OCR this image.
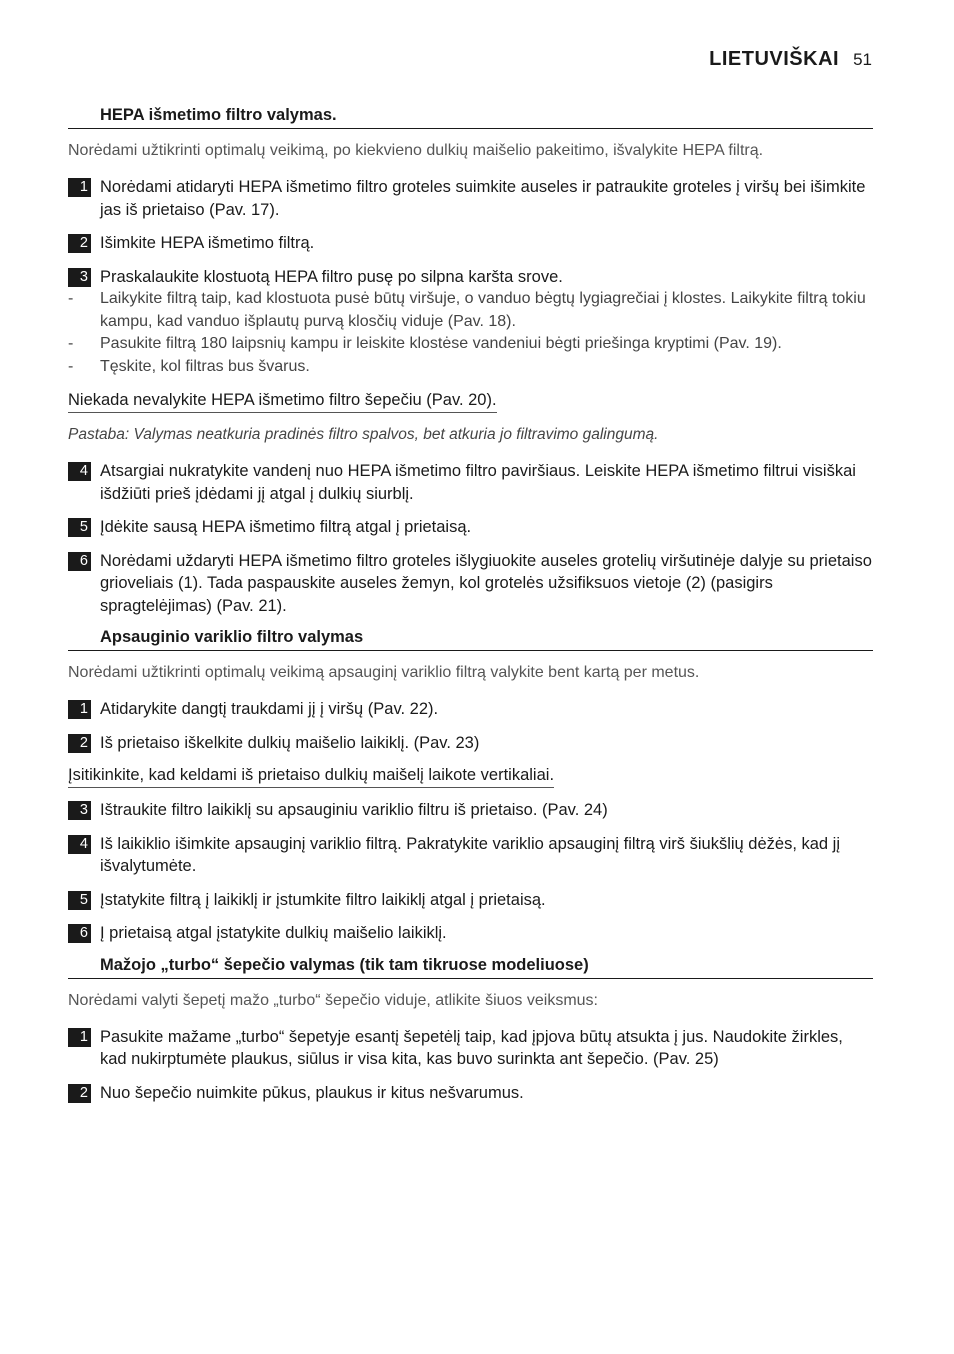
LIETUVIŠKAI 51
HEPA išmetimo filtro valymas.
Norėdami užtikrinti optimalų veikimą, po kiekvieno dulkių maišelio pakeitimo, išvalykite HEPA filtrą.
1 Norėdami atidaryti HEPA išmetimo filtro groteles suimkite auseles ir patraukite groteles į viršų bei išimkite jas iš prietaiso (Pav. 17).
2 Išimkite HEPA išmetimo filtrą.
3 Praskalaukite klostuotą HEPA filtro pusę po silpna karšta srove.
-	Laikykite filtrą taip, kad klostuota pusė būtų viršuje, o vanduo bėgtų lygiagrečiai į klostes. Laikykite filtrą tokiu kampu, kad vanduo išplautų purvą klosčių viduje (Pav. 18).
-	Pasukite filtrą 180 laipsnių kampu ir leiskite klostėse vandeniui bėgti priešinga kryptimi (Pav. 19).
-	Tęskite, kol filtras bus švarus.
Niekada nevalykite HEPA išmetimo filtro šepečiu (Pav. 20).
Pastaba: Valymas neatkuria pradinės filtro spalvos, bet atkuria jo filtravimo galingumą.
4 Atsargiai nukratykite vandenį nuo HEPA išmetimo filtro paviršiaus. Leiskite HEPA išmetimo filtrui visiškai išdžiūti prieš įdėdami jį atgal į dulkių siurblį.
5 Įdėkite sausą HEPA išmetimo filtrą atgal į prietaisą.
6 Norėdami uždaryti HEPA išmetimo filtro groteles išlygiuokite auseles grotelių viršutinėje dalyje su prietaiso grioveliais (1). Tada paspauskite auseles žemyn, kol grotelės užsifiksuos vietoje (2) (pasigirs spragtelėjimas) (Pav. 21).
Apsauginio variklio filtro valymas
Norėdami užtikrinti optimalų veikimą apsauginį variklio filtrą valykite bent kartą per metus.
1 Atidarykite dangtį traukdami jį į viršų (Pav. 22).
2 Iš prietaiso iškelkite dulkių maišelio laikiklį. (Pav. 23)
Įsitikinkite, kad keldami iš prietaiso dulkių maišelį laikote vertikaliai.
3 Ištraukite filtro laikiklį su apsauginiu variklio filtru iš prietaiso. (Pav. 24)
4 Iš laikiklio išimkite apsauginį variklio filtrą. Pakratykite variklio apsauginį filtrą virš šiukšlių dėžės, kad jį išvalytumėte.
5 Įstatykite filtrą į laikiklį ir įstumkite filtro laikiklį atgal į prietaisą.
6 Į prietaisą atgal įstatykite dulkių maišelio laikiklį.
Mažojo „turbo“ šepečio valymas (tik tam tikruose modeliuose)
Norėdami valyti šepetį mažo „turbo“ šepečio viduje, atlikite šiuos veiksmus:
1 Pasukite mažame „turbo“ šepetyje esantį šepetėlį taip, kad įpjova būtų atsukta į jus. Naudokite žirkles, kad nukirptumėte plaukus, siūlus ir visa kita, kas buvo surinkta ant šepečio. (Pav. 25)
2 Nuo šepečio nuimkite pūkus, plaukus ir kitus nešvarumus.
